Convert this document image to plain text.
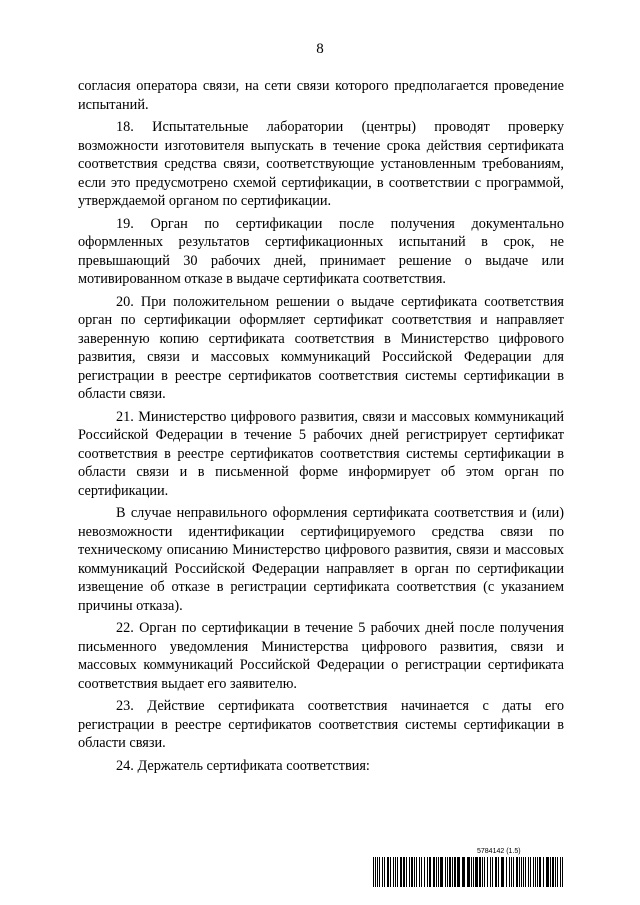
8

согласия оператора связи, на сети связи которого предполагается проведение испытаний.

18. Испытательные лаборатории (центры) проводят проверку возможности изготовителя выпускать в течение срока действия сертификата соответствия средства связи, соответствующие установленным требованиям, если это предусмотрено схемой сертификации, в соответствии с программой, утверждаемой органом по сертификации.

19. Орган по сертификации после получения документально оформленных результатов сертификационных испытаний в срок, не превышающий 30 рабочих дней, принимает решение о выдаче или мотивированном отказе в выдаче сертификата соответствия.

20. При положительном решении о выдаче сертификата соответствия орган по сертификации оформляет сертификат соответствия и направляет заверенную копию сертификата соответствия в Министерство цифрового развития, связи и массовых коммуникаций Российской Федерации для регистрации в реестре сертификатов соответствия системы сертификации в области связи.

21. Министерство цифрового развития, связи и массовых коммуникаций Российской Федерации в течение 5 рабочих дней регистрирует сертификат соответствия в реестре сертификатов соответствия системы сертификации в области связи и в письменной форме информирует об этом орган по сертификации.

В случае неправильного оформления сертификата соответствия и (или) невозможности идентификации сертифицируемого средства связи по техническому описанию Министерство цифрового развития, связи и массовых коммуникаций Российской Федерации направляет в орган по сертификации извещение об отказе в регистрации сертификата соответствия (с указанием причины отказа).

22. Орган по сертификации в течение 5 рабочих дней после получения письменного уведомления Министерства цифрового развития, связи и массовых коммуникаций Российской Федерации о регистрации сертификата соответствия выдает его заявителю.

23. Действие сертификата соответствия начинается с даты его регистрации в реестре сертификатов соответствия системы сертификации в области связи.

24. Держатель сертификата соответствия:

5784142 (1.5)
